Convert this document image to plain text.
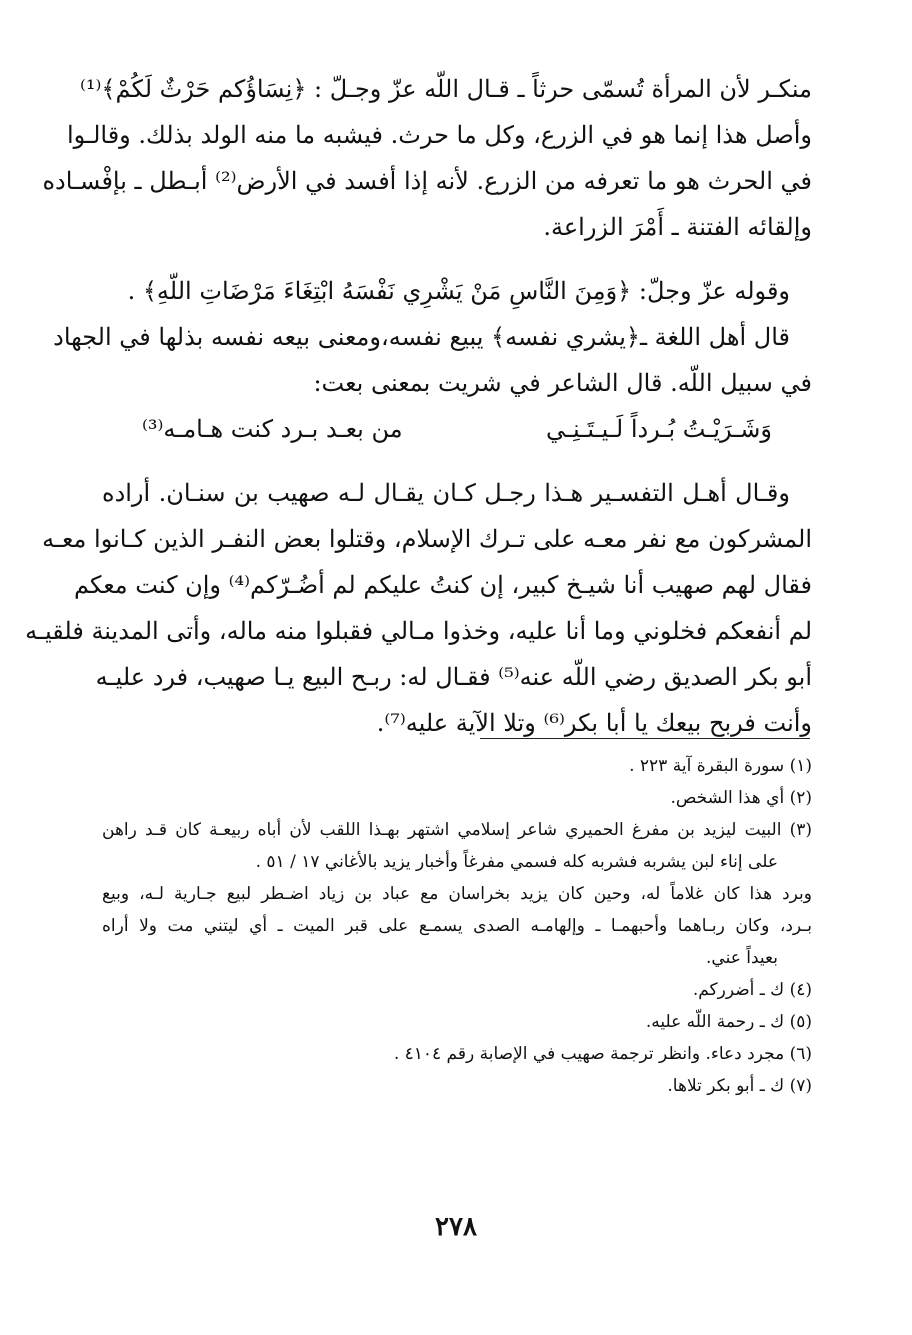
منكـر لأن المرأة تُسمّى حرثاً ـ قـال اللّه عزّ وجـلّ : ﴿نِسَاؤُكم حَرْثٌ لَكُمْ﴾⁽¹⁾
وأصل هذا إنما هو في الزرع، وكل ما حرث. فيشبه ما منه الولد بذلك. وقالـوا
في الحرث هو ما تعرفه من الزرع. لأنه إذا أفسد في الأرض⁽²⁾ أبـطل ـ بإفْسـاده
وإلقائه الفتنة ـ أَمْرَ الزراعة.
وقوله عزّ وجلّ: ﴿وَمِنَ النَّاسِ مَنْ يَشْرِي نَفْسَهُ ابْتِغَاءَ مَرْضَاتِ اللّهِ﴾ .
قال أهل اللغة ـ﴿يشري نفسه﴾ يبيع نفسه،ومعنى بيعه نفسه بذلها في الجهاد
في سبيل اللّه. قال الشاعر في شريت بمعنى بعت:
وَشَـرَيْـتُ بُـرداً لَـيـتَـنِـي
من بعـد بـرد كنت هـامـه⁽³⁾
وقـال أهـل التفسـير هـذا رجـل كـان يقـال لـه صهيب بن سنـان. أراده
المشركون مع نفر معـه على تـرك الإسلام، وقتلوا بعض النفـر الذين كـانوا معـه
فقال لهم صهيب أنا شيـخ كبير، إن كنتُ عليكم لم أضُـرّكم⁽⁴⁾ وإن كنت معكم
لم أنفعكم فخلوني وما أنا عليه، وخذوا مـالي فقبلوا منه ماله، وأتى المدينة فلقيـه
أبو بكر الصديق رضي اللّه عنه⁽⁵⁾ فقـال له: ربـح البيع يـا صهيب، فرد عليـه
وأنت فربح بيعك يا أبا بكر⁽⁶⁾ وتلا الآية عليه⁽⁷⁾.
(١) سورة البقرة آية ٢٢٣ .
(٢) أي هذا الشخص.
(٣) البيت ليزيد بن مفرغ الحميري شاعر إسلامي اشتهر بهـذا اللقب لأن أباه ربيعـة كان قـد راهن
على إناء لبن يشربه فشربه كله فسمي مفرغاً وأخبار يزيد بالأغاني ١٧ / ٥١ .
وبرد هذا كان غلاماً له، وحين كان يزيد بخراسان مع عباد بن زياد اضـطر لبيع جـارية لـه، وبيع
بـرد، وكان ربـاهما وأحبهمـا ـ وإلهامـه الصدى يسمـع على قبر الميت ـ أي ليتني مت ولا أراه
بعيداً عني.
(٤) ك ـ أضرركم.
(٥) ك ـ رحمة اللّه عليه.
(٦) مجرد دعاء. وانظر ترجمة صهيب في الإصابة رقم ٤١٠٤ .
(٧) ك ـ أبو بكر تلاها.
٢٧٨
